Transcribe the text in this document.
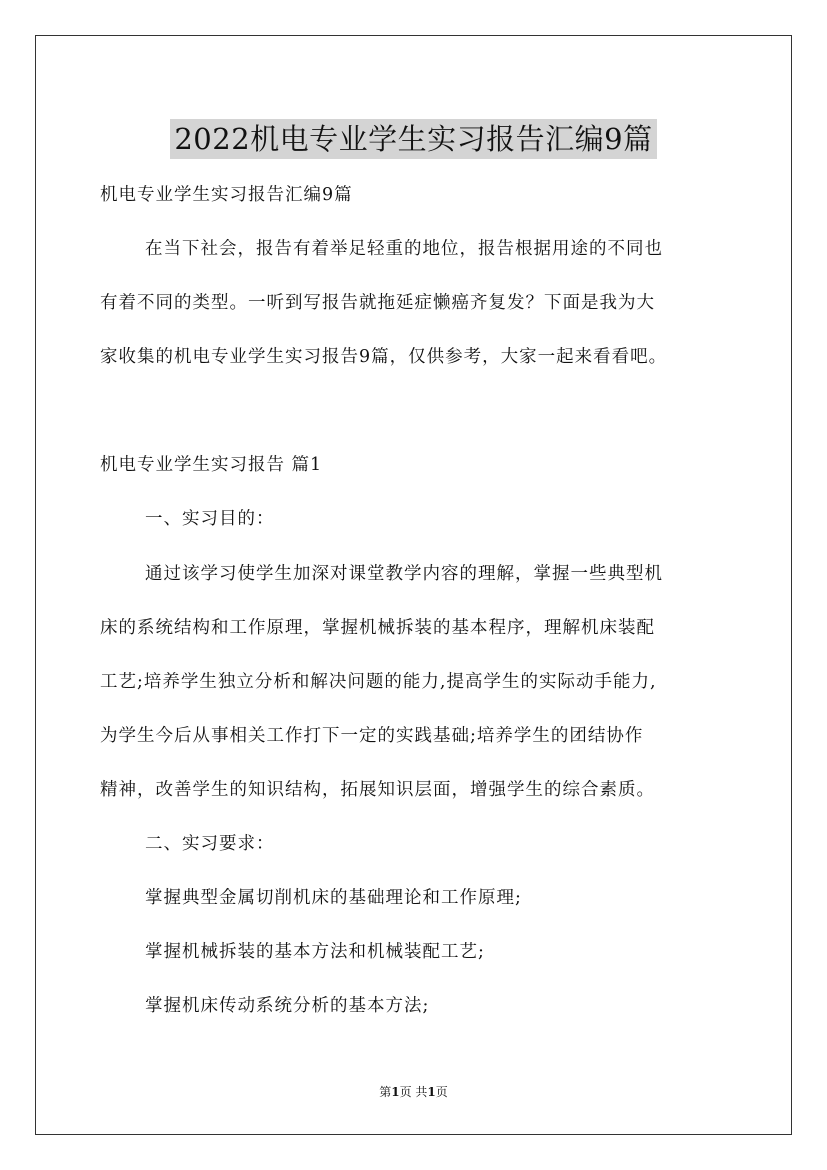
2022机电专业学生实习报告汇编9篇
机电专业学生实习报告汇编9篇
在当下社会，报告有着举足轻重的地位，报告根据用途的不同也
有着不同的类型。一听到写报告就拖延症懒癌齐复发？下面是我为大
家收集的机电专业学生实习报告9篇，仅供参考，大家一起来看看吧。
机电专业学生实习报告 篇1
一、实习目的：
通过该学习使学生加深对课堂教学内容的理解，掌握一些典型机
床的系统结构和工作原理，掌握机械拆装的基本程序，理解机床装配
工艺;培养学生独立分析和解决问题的能力,提高学生的实际动手能力,
为学生今后从事相关工作打下一定的实践基础;培养学生的团结协作
精神，改善学生的知识结构，拓展知识层面，增强学生的综合素质。
二、实习要求：
掌握典型金属切削机床的基础理论和工作原理;
掌握机械拆装的基本方法和机械装配工艺;
掌握机床传动系统分析的基本方法;
第1页 共1页
